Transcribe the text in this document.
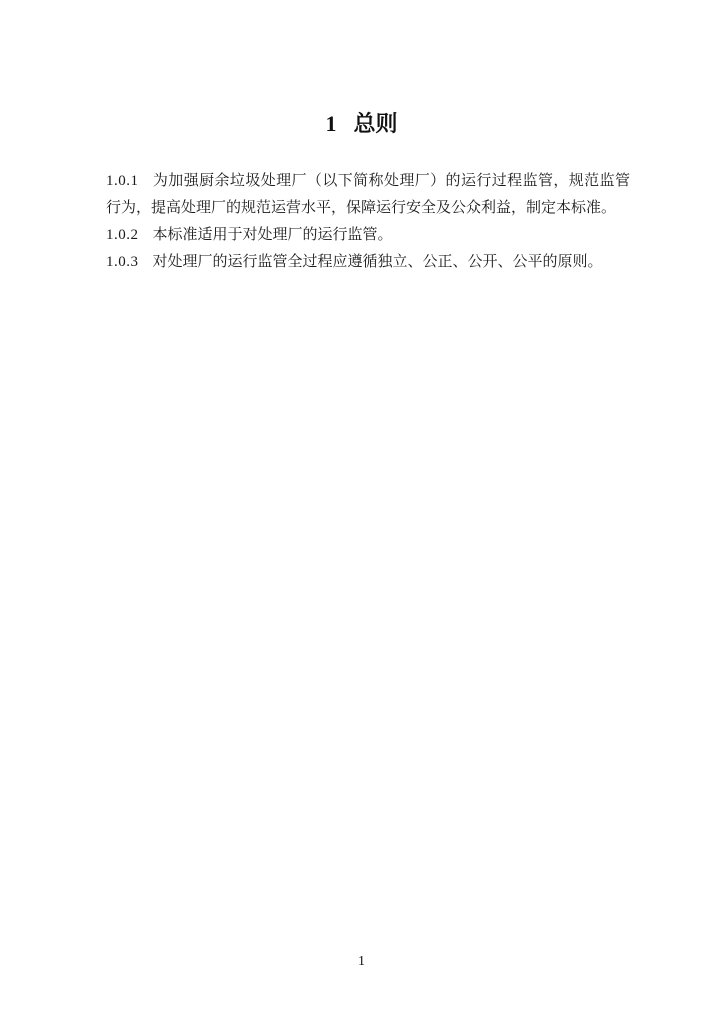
1 总则

1.0.1 为加强厨余垃圾处理厂（以下简称处理厂）的运行过程监管，规范监管行为，提高处理厂的规范运营水平，保障运行安全及公众利益，制定本标准。

1.0.2 本标准适用于对处理厂的运行监管。

1.0.3 对处理厂的运行监管全过程应遵循独立、公正、公开、公平的原则。

1
